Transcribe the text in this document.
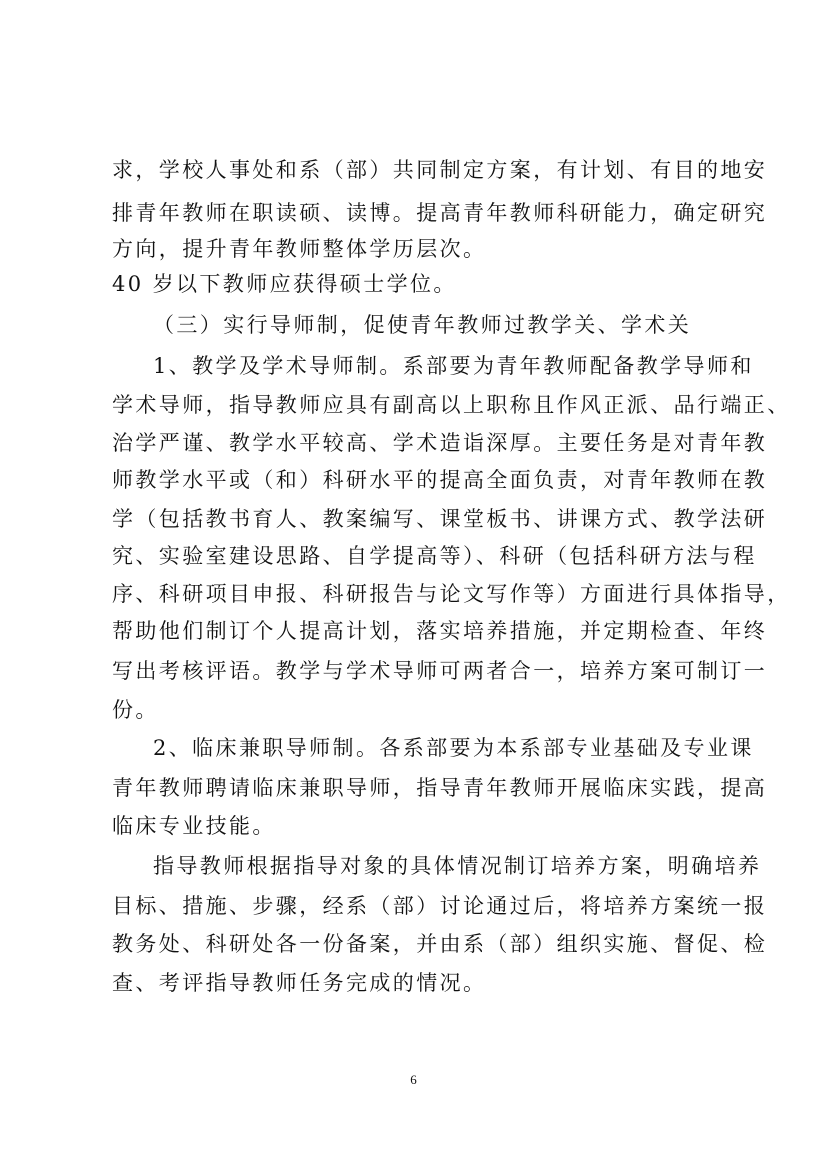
求，学校人事处和系（部）共同制定方案，有计划、有目的地安
排青年教师在职读硕、读博。提高青年教师科研能力，确定研究
方向，提升青年教师整体学历层次。
40 岁以下教师应获得硕士学位。
（三）实行导师制，促使青年教师过教学关、学术关
1、教学及学术导师制。系部要为青年教师配备教学导师和
学术导师，指导教师应具有副高以上职称且作风正派、品行端正、
治学严谨、教学水平较高、学术造诣深厚。主要任务是对青年教
师教学水平或（和）科研水平的提高全面负责，对青年教师在教
学（包括教书育人、教案编写、课堂板书、讲课方式、教学法研
究、实验室建设思路、自学提高等）、科研（包括科研方法与程
序、科研项目申报、科研报告与论文写作等）方面进行具体指导，
帮助他们制订个人提高计划，落实培养措施，并定期检查、年终
写出考核评语。教学与学术导师可两者合一，培养方案可制订一
份。
2、临床兼职导师制。各系部要为本系部专业基础及专业课
青年教师聘请临床兼职导师，指导青年教师开展临床实践，提高
临床专业技能。
指导教师根据指导对象的具体情况制订培养方案，明确培养
目标、措施、步骤，经系（部）讨论通过后，将培养方案统一报
教务处、科研处各一份备案，并由系（部）组织实施、督促、检
查、考评指导教师任务完成的情况。
6
